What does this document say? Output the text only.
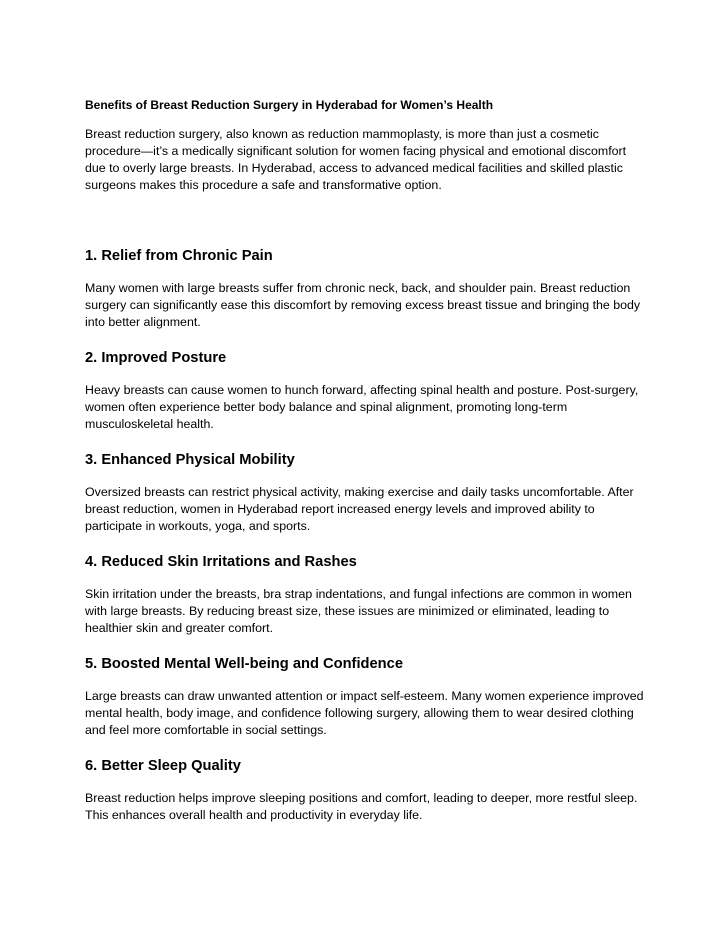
Benefits of Breast Reduction Surgery in Hyderabad for Women’s Health

Breast reduction surgery, also known as reduction mammoplasty, is more than just a cosmetic procedure—it’s a medically significant solution for women facing physical and emotional discomfort due to overly large breasts. In Hyderabad, access to advanced medical facilities and skilled plastic surgeons makes this procedure a safe and transformative option.

1. Relief from Chronic Pain

Many women with large breasts suffer from chronic neck, back, and shoulder pain. Breast reduction surgery can significantly ease this discomfort by removing excess breast tissue and bringing the body into better alignment.

2. Improved Posture

Heavy breasts can cause women to hunch forward, affecting spinal health and posture. Post-surgery, women often experience better body balance and spinal alignment, promoting long-term musculoskeletal health.

3. Enhanced Physical Mobility

Oversized breasts can restrict physical activity, making exercise and daily tasks uncomfortable. After breast reduction, women in Hyderabad report increased energy levels and improved ability to participate in workouts, yoga, and sports.

4. Reduced Skin Irritations and Rashes

Skin irritation under the breasts, bra strap indentations, and fungal infections are common in women with large breasts. By reducing breast size, these issues are minimized or eliminated, leading to healthier skin and greater comfort.

5. Boosted Mental Well-being and Confidence

Large breasts can draw unwanted attention or impact self-esteem. Many women experience improved mental health, body image, and confidence following surgery, allowing them to wear desired clothing and feel more comfortable in social settings.

6. Better Sleep Quality

Breast reduction helps improve sleeping positions and comfort, leading to deeper, more restful sleep. This enhances overall health and productivity in everyday life.
